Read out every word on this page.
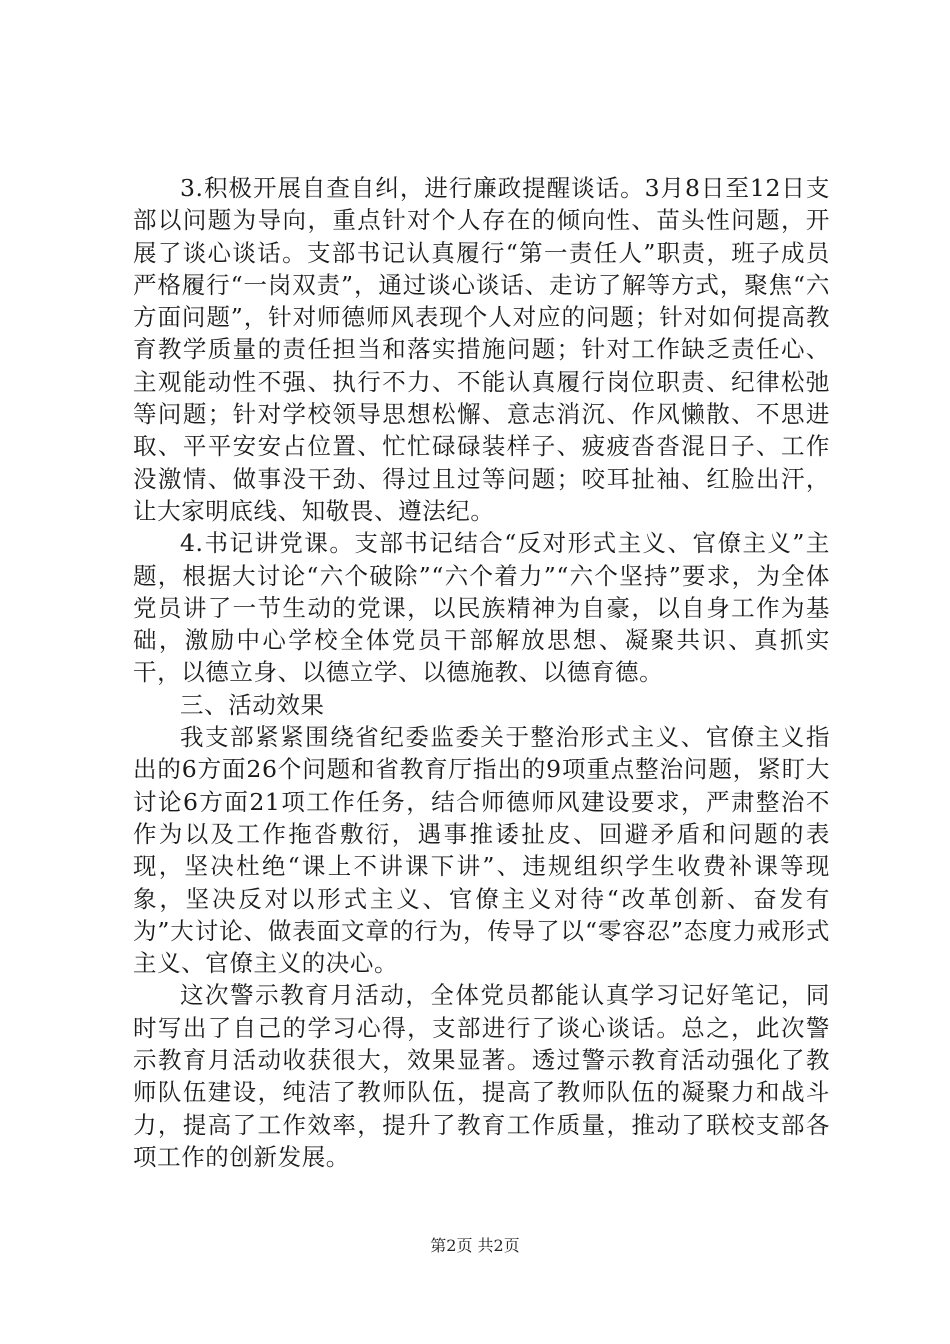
3.积极开展自查自纠，进行廉政提醒谈话。3月8日至12日支部以问题为导向，重点针对个人存在的倾向性、苗头性问题，开展了谈心谈话。支部书记认真履行“第一责任人”职责，班子成员严格履行“一岗双责”，通过谈心谈话、走访了解等方式，聚焦“六方面问题”，针对师德师风表现个人对应的问题；针对如何提高教育教学质量的责任担当和落实措施问题；针对工作缺乏责任心、主观能动性不强、执行不力、不能认真履行岗位职责、纪律松弛等问题；针对学校领导思想松懈、意志消沉、作风懒散、不思进取、平平安安占位置、忙忙碌碌装样子、疲疲沓沓混日子、工作没激情、做事没干劲、得过且过等问题；咬耳扯袖、红脸出汗，让大家明底线、知敬畏、遵法纪。

4.书记讲党课。支部书记结合“反对形式主义、官僚主义”主题，根据大讨论“六个破除”“六个着力”“六个坚持”要求，为全体党员讲了一节生动的党课，以民族精神为自豪，以自身工作为基础，激励中心学校全体党员干部解放思想、凝聚共识、真抓实干，以德立身、以德立学、以德施教、以德育德。

三、活动效果

我支部紧紧围绕省纪委监委关于整治形式主义、官僚主义指出的6方面26个问题和省教育厅指出的9项重点整治问题，紧盯大讨论6方面21项工作任务，结合师德师风建设要求，严肃整治不作为以及工作拖沓敷衍，遇事推诿扯皮、回避矛盾和问题的表现，坚决杜绝“课上不讲课下讲”、违规组织学生收费补课等现象，坚决反对以形式主义、官僚主义对待“改革创新、奋发有为”大讨论、做表面文章的行为，传导了以“零容忍”态度力戒形式主义、官僚主义的决心。

这次警示教育月活动，全体党员都能认真学习记好笔记，同时写出了自己的学习心得，支部进行了谈心谈话。总之，此次警示教育月活动收获很大，效果显著。透过警示教育活动强化了教师队伍建设，纯洁了教师队伍，提高了教师队伍的凝聚力和战斗力，提高了工作效率，提升了教育工作质量，推动了联校支部各项工作的创新发展。

第2页 共2页
